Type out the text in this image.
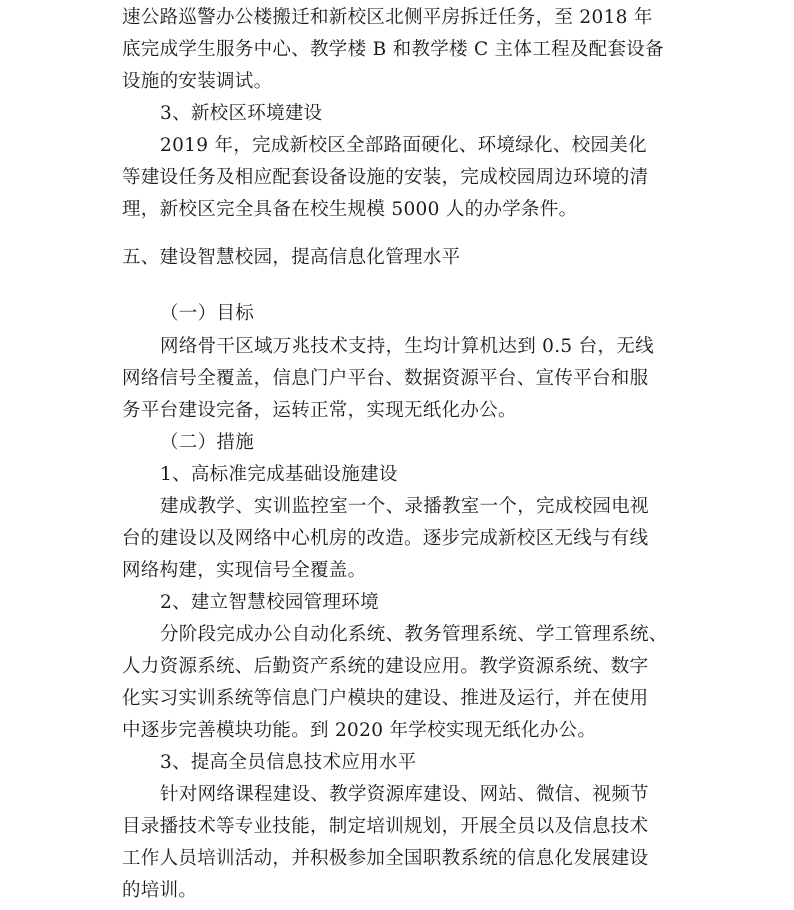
速公路巡警办公楼搬迁和新校区北侧平房拆迁任务，至 2018 年

底完成学生服务中心、教学楼 B 和教学楼 C 主体工程及配套设备

设施的安装调试。

3、新校区环境建设

2019 年，完成新校区全部路面硬化、环境绿化、校园美化

等建设任务及相应配套设备设施的安装，完成校园周边环境的清

理，新校区完全具备在校生规模 5000 人的办学条件。

五、建设智慧校园，提高信息化管理水平

（一）目标

网络骨干区域万兆技术支持，生均计算机达到 0.5 台，无线

网络信号全覆盖，信息门户平台、数据资源平台、宣传平台和服

务平台建设完备，运转正常，实现无纸化办公。

（二）措施

1、高标准完成基础设施建设

建成教学、实训监控室一个、录播教室一个，完成校园电视

台的建设以及网络中心机房的改造。逐步完成新校区无线与有线

网络构建，实现信号全覆盖。

2、建立智慧校园管理环境

分阶段完成办公自动化系统、教务管理系统、学工管理系统、

人力资源系统、后勤资产系统的建设应用。教学资源系统、数字

化实习实训系统等信息门户模块的建设、推进及运行，并在使用

中逐步完善模块功能。到 2020 年学校实现无纸化办公。

3、提高全员信息技术应用水平

针对网络课程建设、教学资源库建设、网站、微信、视频节

目录播技术等专业技能，制定培训规划，开展全员以及信息技术

工作人员培训活动，并积极参加全国职教系统的信息化发展建设

的培训。
